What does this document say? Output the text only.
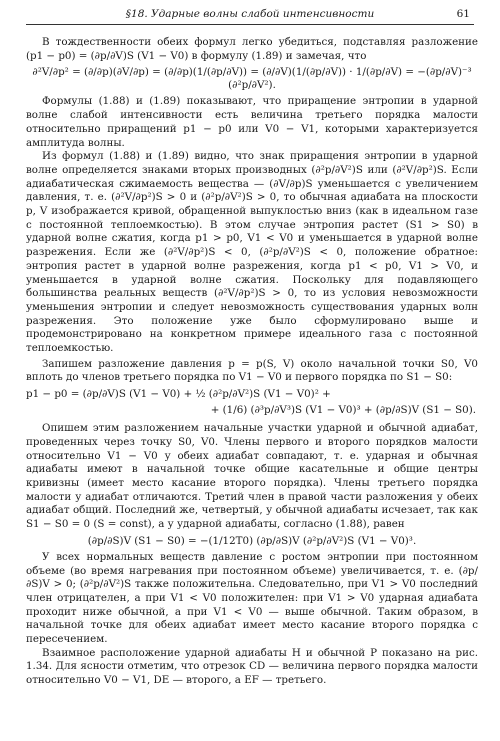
§18. Ударные волны слабой интенсивности	61

В тождественности обеих формул легко убедиться, подставляя разложение (p1 − p0) = (∂p/∂V)S (V1 − V0) в формулу (1.89) и замечая, что

∂²V/∂p² = (∂/∂p)(∂V/∂p) = (∂/∂p)(1/(∂p/∂V)) = (∂/∂V)(1/(∂p/∂V)) · 1/(∂p/∂V) = −(∂p/∂V)⁻³ (∂²p/∂V²).

Формулы (1.88) и (1.89) показывают, что приращение энтропии в ударной волне слабой интенсивности есть величина третьего порядка малости относительно приращений p1 − p0 или V0 − V1, которыми характеризуется амплитуда волны.

Из формул (1.88) и (1.89) видно, что знак приращения энтропии в ударной волне определяется знаками вторых производных (∂²p/∂V²)S или (∂²V/∂p²)S. Если адиабатическая сжимаемость вещества — (∂V/∂p)S уменьшается с увеличением давления, т. е. (∂²V/∂p²)S > 0 и (∂²p/∂V²)S > 0, то обычная адиабата на плоскости p, V изображается кривой, обращенной выпуклостью вниз (как в идеальном газе с постоянной теплоемкостью). В этом случае энтропия растет (S1 > S0) в ударной волне сжатия, когда p1 > p0, V1 < V0 и уменьшается в ударной волне разрежения. Если же (∂²V/∂p²)S < 0, (∂²p/∂V²)S < 0, положение обратное: энтропия растет в ударной волне разрежения, когда p1 < p0, V1 > V0, и уменьшается в ударной волне сжатия. Поскольку для подавляющего большинства реальных веществ (∂²V/∂p²)S > 0, то из условия невозможности уменьшения энтропии и следует невозможность существования ударных волн разрежения. Это положение уже было сформулировано выше и продемонстрировано на конкретном примере идеального газа с постоянной теплоемкостью.

Запишем разложение давления p = p(S, V) около начальной точки S0, V0 вплоть до членов третьего порядка по V1 − V0 и первого порядка по S1 − S0:

p1 − p0 = (∂p/∂V)S (V1 − V0) + ½ (∂²p/∂V²)S (V1 − V0)² +
+ (1/6) (∂³p/∂V³)S (V1 − V0)³ + (∂p/∂S)V (S1 − S0).

Опишем этим разложением начальные участки ударной и обычной адиабат, проведенных через точку S0, V0. Члены первого и второго порядков малости относительно V1 − V0 у обеих адиабат совпадают, т. е. ударная и обычная адиабаты имеют в начальной точке общие касательные и общие центры кривизны (имеет место касание второго порядка). Члены третьего порядка малости у адиабат отличаются. Третий член в правой части разложения у обеих адиабат общий. Последний же, четвертый, у обычной адиабаты исчезает, так как S1 − S0 = 0 (S = const), а у ударной адиабаты, согласно (1.88), равен

(∂p/∂S)V (S1 − S0) = −(1/12T0) (∂p/∂S)V (∂²p/∂V²)S (V1 − V0)³.

У всех нормальных веществ давление с ростом энтропии при постоянном объеме (во время нагревания при постоянном объеме) увеличивается, т. е. (∂p/∂S)V > 0; (∂²p/∂V²)S также положительна. Следовательно, при V1 > V0 последний член отрицателен, а при V1 < V0 положителен: при V1 > V0 ударная адиабата проходит ниже обычной, а при V1 < V0 — выше обычной. Таким образом, в начальной точке для обеих адиабат имеет место касание второго порядка с пересечением.

Взаимное расположение ударной адиабаты H и обычной P показано на рис. 1.34. Для ясности отметим, что отрезок CD — величина первого порядка малости относительно V0 − V1, DE — второго, а EF — третьего.
